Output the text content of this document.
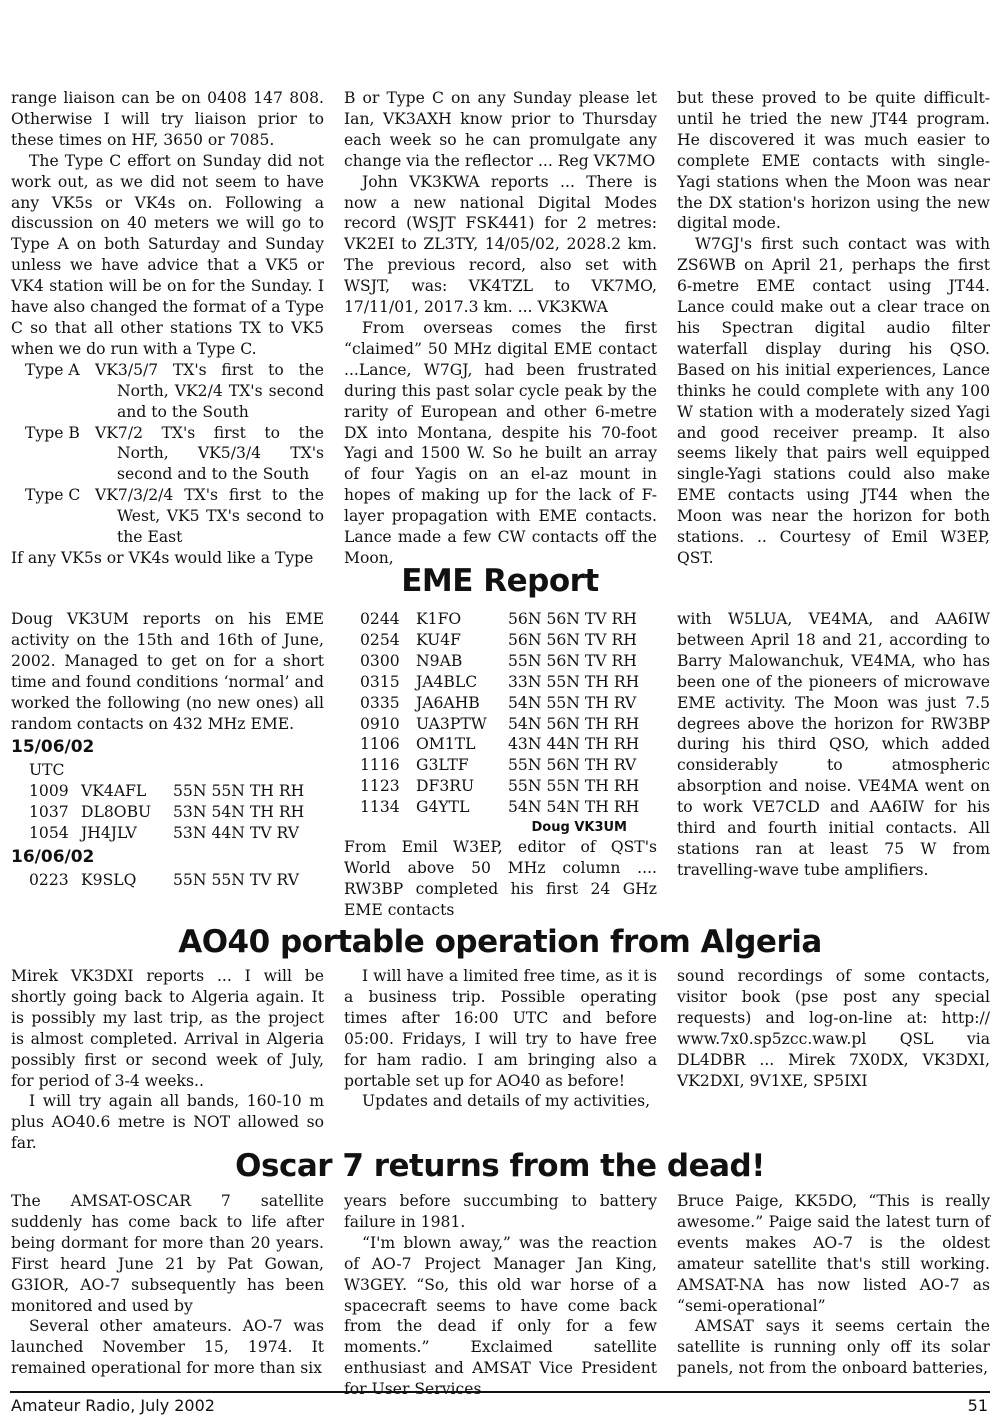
range liaison can be on 0408 147 808. Otherwise I will try liaison prior to these times on HF, 3650 or 7085.

The Type C effort on Sunday did not work out, as we did not seem to have any VK5s or VK4s on. Following a discussion on 40 meters we will go to Type A on both Saturday and Sunday unless we have advice that a VK5 or VK4 station will be on for the Sunday. I have also changed the format of a Type C so that all other stations TX to VK5 when we do run with a Type C.

Type A VK3/5/7 TX's first to the North, VK2/4 TX's second and to the South
Type B VK7/2 TX's first to the North, VK5/3/4 TX's second and to the South
Type C VK7/3/2/4 TX's first to the West, VK5 TX's second to the East

If any VK5s or VK4s would like a Type

B or Type C on any Sunday please let Ian, VK3AXH know prior to Thursday each week so he can promulgate any change via the reflector ... Reg VK7MO

John VK3KWA reports ... There is now a new national Digital Modes record (WSJT FSK441) for 2 metres: VK2EI to ZL3TY, 14/05/02, 2028.2 km. The previous record, also set with WSJT, was: VK4TZL to VK7MO, 17/11/01, 2017.3 km. ... VK3KWA

From overseas comes the first “claimed” 50 MHz digital EME contact ...Lance, W7GJ, had been frustrated during this past solar cycle peak by the rarity of European and other 6-metre DX into Montana, despite his 70-foot Yagi and 1500 W. So he built an array of four Yagis on an el-az mount in hopes of making up for the lack of F-layer propagation with EME contacts. Lance made a few CW contacts off the Moon,

but these proved to be quite difficult- until he tried the new JT44 program. He discovered it was much easier to complete EME contacts with single-Yagi stations when the Moon was near the DX station's horizon using the new digital mode.

W7GJ's first such contact was with ZS6WB on April 21, perhaps the first 6-metre EME contact using JT44. Lance could make out a clear trace on his Spectran digital audio filter waterfall display during his QSO. Based on his initial experiences, Lance thinks he could complete with any 100 W station with a moderately sized Yagi and good receiver preamp. It also seems likely that pairs well equipped single-Yagi stations could also make EME contacts using JT44 when the Moon was near the horizon for both stations. .. Courtesy of Emil W3EP, QST.

EME Report

Doug VK3UM reports on his EME activity on the 15th and 16th of June, 2002. Managed to get on for a short time and found conditions ‘normal’ and worked the following (no new ones) all random contacts on 432 MHz EME.

15/06/02
UTC
1009 VK4AFL	55N 55N TH RH
1037 DL8OBU	53N 54N TH RH
1054 JH4JLV	53N 44N TV RV
16/06/02
0223 K9SLQ	55N 55N TV RV
0244	K1FO	56N 56N TV RH
0254	KU4F	56N 56N TV RH
0300	N9AB	55N 56N TV RH
0315	JA4BLC	33N 55N TH RH
0335	JA6AHB	54N 55N TH RV
0910	UA3PTW	54N 56N TH RH
1106	OM1TL	43N 44N TH RH
1116	G3LTF	55N 56N TH RV
1123	DF3RU	55N 55N TH RH
1134	G4YTL	54N 54N TH RH
Doug VK3UM

From Emil W3EP, editor of QST's World above 50 MHz column .... RW3BP completed his first 24 GHz EME contacts

with W5LUA, VE4MA, and AA6IW between April 18 and 21, according to Barry Malowanchuk, VE4MA, who has been one of the pioneers of microwave EME activity. The Moon was just 7.5 degrees above the horizon for RW3BP during his third QSO, which added considerably to atmospheric absorption and noise. VE4MA went on to work VE7CLD and AA6IW for his third and fourth initial contacts. All stations ran at least 75 W from travelling-wave tube amplifiers.

AO40 portable operation from Algeria

Mirek VK3DXI reports ... I will be shortly going back to Algeria again. It is possibly my last trip, as the project is almost completed. Arrival in Algeria possibly first or second week of July, for period of 3-4 weeks..

I will try again all bands, 160-10 m plus AO40.6 metre is NOT allowed so far.

I will have a limited free time, as it is a business trip. Possible operating times after 16:00 UTC and before 05:00. Fridays, I will try to have free for ham radio. I am bringing also a portable set up for AO40 as before!

Updates and details of my activities,

sound recordings of some contacts, visitor book (pse post any special requests) and log-on-line at: http:// www.7x0.sp5zcc.waw.pl QSL via DL4DBR ... Mirek 7X0DX, VK3DXI, VK2DXI, 9V1XE, SP5IXI

Oscar 7 returns from the dead!

The AMSAT-OSCAR 7 satellite suddenly has come back to life after being dormant for more than 20 years. First heard June 21 by Pat Gowan, G3IOR, AO-7 subsequently has been monitored and used by

Several other amateurs. AO-7 was launched November 15, 1974. It remained operational for more than six

years before succumbing to battery failure in 1981.

“I'm blown away,” was the reaction of AO-7 Project Manager Jan King, W3GEY. “So, this old war horse of a spacecraft seems to have come back from the dead if only for a few moments.” Exclaimed satellite enthusiast and AMSAT Vice President for User Services

Bruce Paige, KK5DO, “This is really awesome.” Paige said the latest turn of events makes AO-7 is the oldest amateur satellite that's still working. AMSAT-NA has now listed AO-7 as “semi-operational”

AMSAT says it seems certain the satellite is running only off its solar panels, not from the onboard batteries,

Amateur Radio, July 2002	51
